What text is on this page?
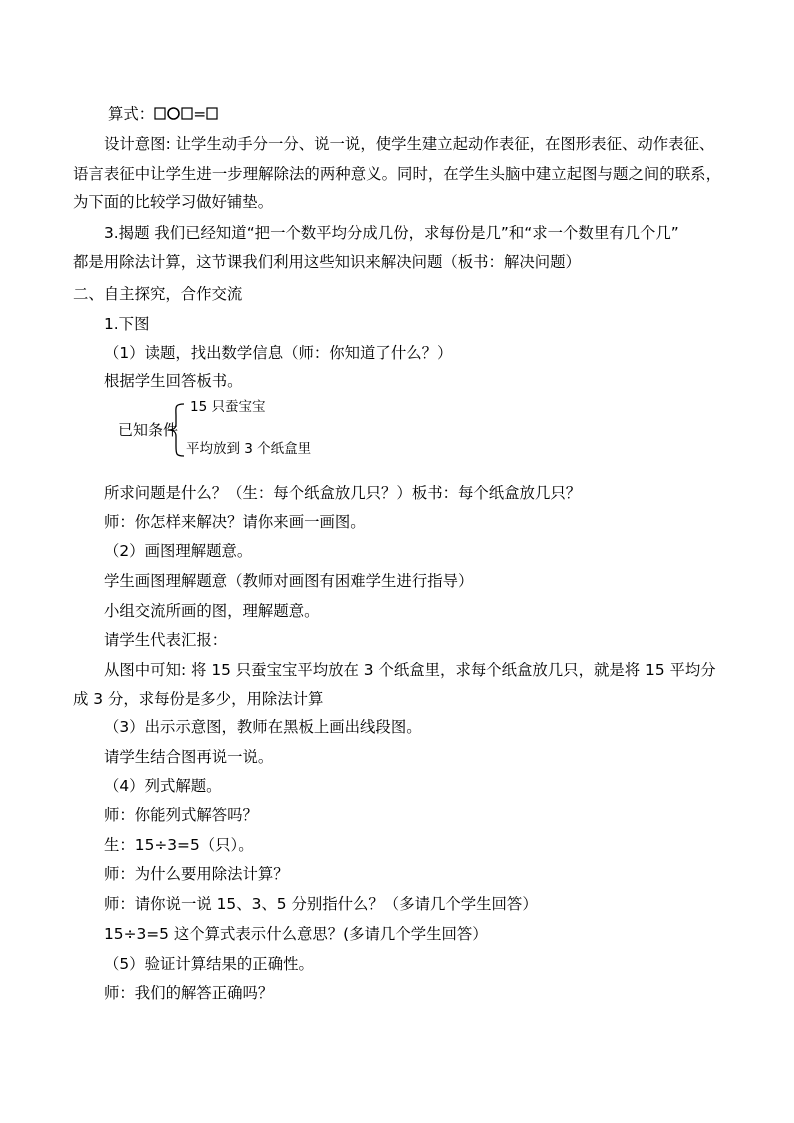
算式：	=
设计意图: 让学生动手分一分、说一说，使学生建立起动作表征，在图形表征、动作表征、
语言表征中让学生进一步理解除法的两种意义。同时，在学生头脑中建立起图与题之间的联系，
为下面的比较学习做好铺垫。
3.揭题 我们已经知道“把一个数平均分成几份，求每份是几”和“求一个数里有几个几”
都是用除法计算，这节课我们利用这些知识来解决问题（板书：解决问题）
二、自主探究，合作交流
1.下图
（1）读题，找出数学信息（师：你知道了什么？）
根据学生回答板书。
已知条件
15 只蚕宝宝
平均放到 3 个纸盒里
所求问题是什么？（生：每个纸盒放几只？）板书：每个纸盒放几只？
师：你怎样来解决？请你来画一画图。
（2）画图理解题意。
学生画图理解题意（教师对画图有困难学生进行指导）
小组交流所画的图，理解题意。
请学生代表汇报：
从图中可知: 将 15 只蚕宝宝平均放在 3 个纸盒里，求每个纸盒放几只，就是将 15 平均分
成 3 分，求每份是多少，用除法计算
（3）出示示意图，教师在黑板上画出线段图。
请学生结合图再说一说。
（4）列式解题。
师：你能列式解答吗？
生：15÷3=5（只）。
师：为什么要用除法计算？
师：请你说一说 15、3、5 分别指什么？（多请几个学生回答）
15÷3=5 这个算式表示什么意思？(多请几个学生回答）
（5）验证计算结果的正确性。
师：我们的解答正确吗？
